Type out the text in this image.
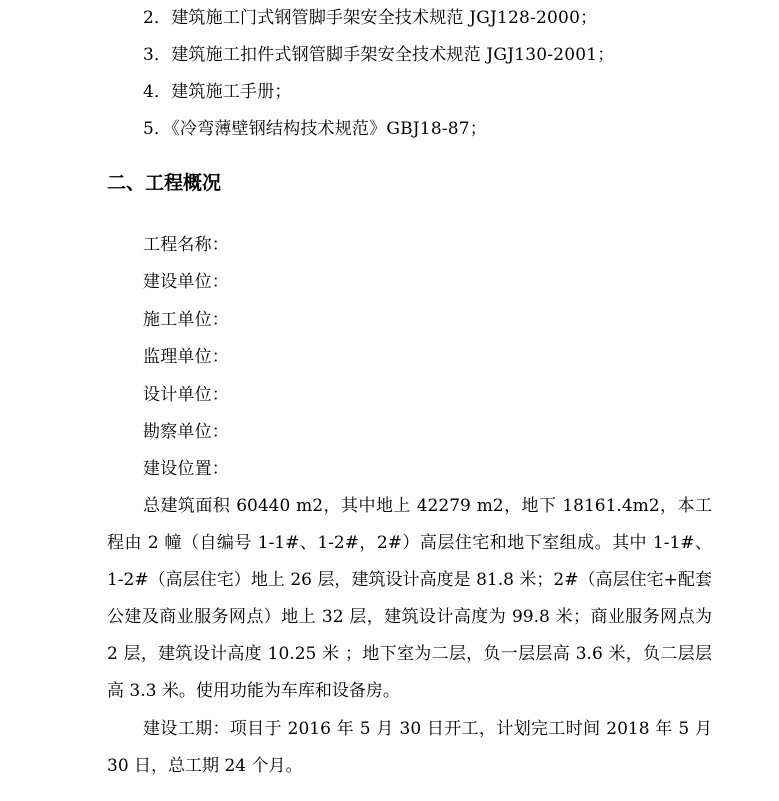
2．建筑施工门式钢管脚手架安全技术规范 JGJ128-2000；
3．建筑施工扣件式钢管脚手架安全技术规范 JGJ130-2001；
4．建筑施工手册；
5．《冷弯薄壁钢结构技术规范》GBJ18-87；
二、工程概况
工程名称：
建设单位：
施工单位：
监理单位：
设计单位：
勘察单位：
建设位置：
总建筑面积 60440 m2，其中地上 42279 m2，地下 18161.4m2，本工程由 2 幢（自编号 1-1#、1-2#，2#）高层住宅和地下室组成。其中 1-1#、1-2#（高层住宅）地上 26 层，建筑设计高度是 81.8 米；2#（高层住宅+配套公建及商业服务网点）地上 32 层，建筑设计高度为 99.8 米；商业服务网点为 2 层，建筑设计高度 10.25 米 ；地下室为二层，负一层层高 3.6 米，负二层层高 3.3 米。使用功能为车库和设备房。
建设工期：项目于 2016 年 5 月 30 日开工，计划完工时间 2018 年 5 月 30 日，总工期 24 个月。
